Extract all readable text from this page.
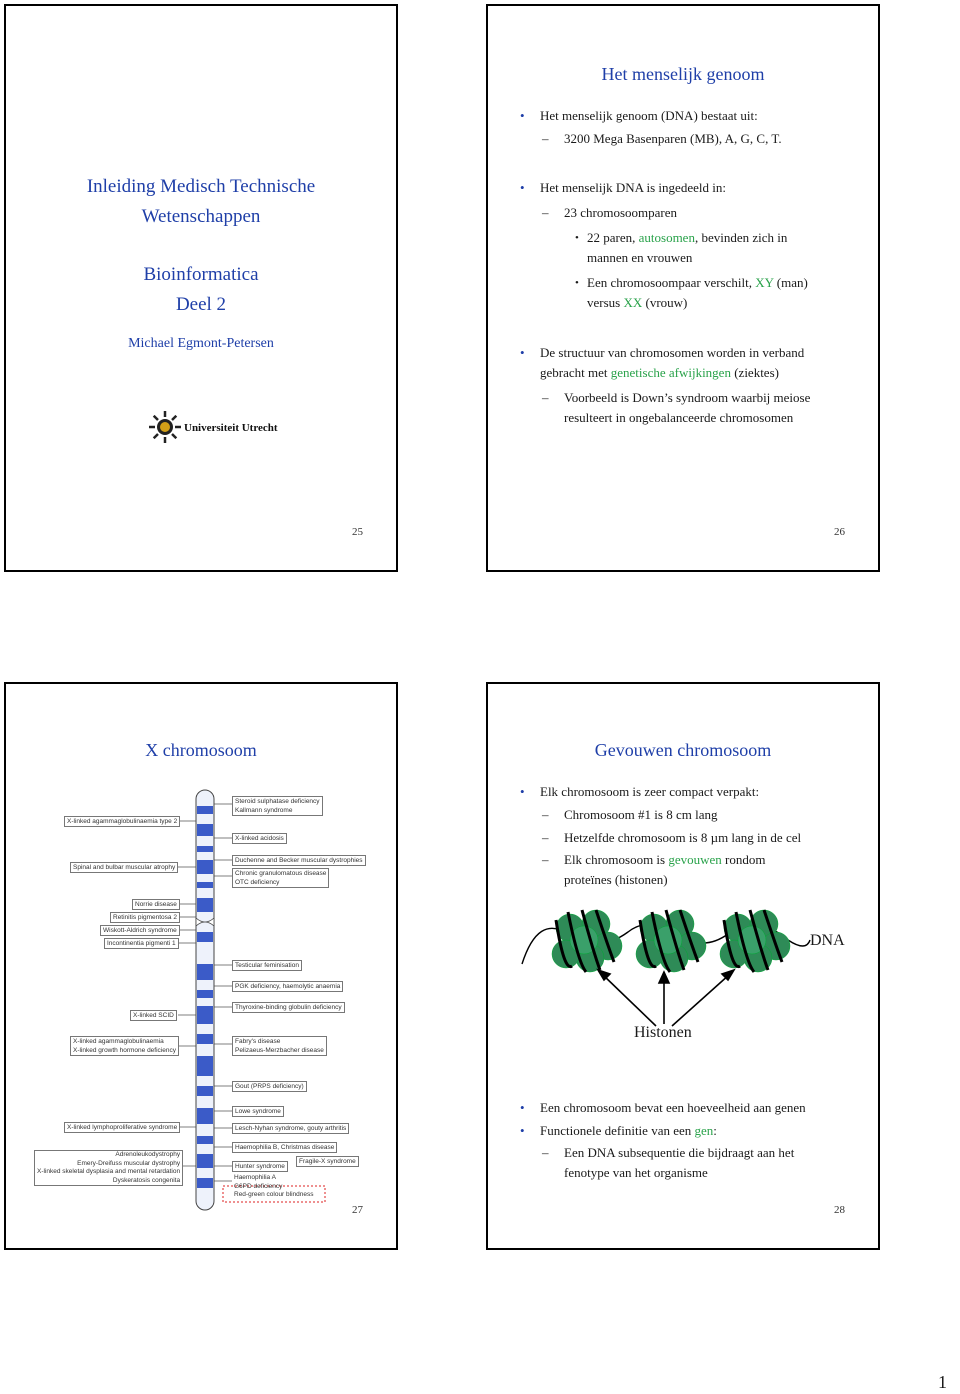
Inleiding Medisch Technische
Wetenschappen
Bioinformatica
Deel 2
Michael Egmont-Petersen
Universiteit Utrecht
25
Het menselijk genoom
• Het menselijk genoom (DNA) bestaat uit:
– 3200 Mega Basenparen (MB), A, G, C, T.
• Het menselijk DNA is ingedeeld in:
– 23 chromosoomparen
• 22 paren, autosomen, bevinden zich in
mannen en vrouwen
• Een chromosoompaar verschilt, XY (man)
versus XX (vrouw)
• De structuur van chromosomen worden in verband
gebracht met genetische afwijkingen (ziektes)
– Voorbeeld is Down’s syndroom waarbij meiose
resulteert in ongebalanceerde chromosomen
26
X chromosoom
X-linked agammaglobulinaemia type 2
Spinal and bulbar muscular atrophy
Norrie disease
Retinitis pigmentosa 2
Wiskott-Aldrich syndrome
Incontinentia pigmenti 1
X-linked SCID
X-linked agammaglobulinaemia
X-linked growth hormone deficiency
X-linked lymphoproliferative syndrome
Adrenoleukodystrophy
Emery-Dreifuss muscular dystrophy
X-linked skeletal dysplasia and mental retardation
Dyskeratosis congenita
Steroid sulphatase deficiency
Kallmann syndrome
X-linked acidosis
Duchenne and Becker muscular dystrophies
Chronic granulomatous disease
OTC deficiency
Testicular feminisation
PGK deficiency, haemolytic anaemia
Thyroxine-binding globulin deficiency
Fabry's disease
Pelizaeus-Merzbacher disease
Gout (PRPS deficiency)
Lowe syndrome
Lesch-Nyhan syndrome, gouty arthritis
Haemophilia B, Christmas disease
Hunter syndrome
Fragile-X syndrome
Haemophilia A
G6PD deficiency
Red-green colour blindness
27
Gevouwen chromosoom
• Elk chromosoom is zeer compact verpakt:
– Chromosoom #1 is 8 cm lang
– Hetzelfde chromosoom is 8 µm lang in de cel
– Elk chromosoom is gevouwen rondom
proteïnes (histonen)
DNA
Histonen
• Een chromosoom bevat een hoeveelheid aan genen
• Functionele definitie van een gen:
– Een DNA subsequentie die bijdraagt aan het
fenotype van het organisme
28
1
